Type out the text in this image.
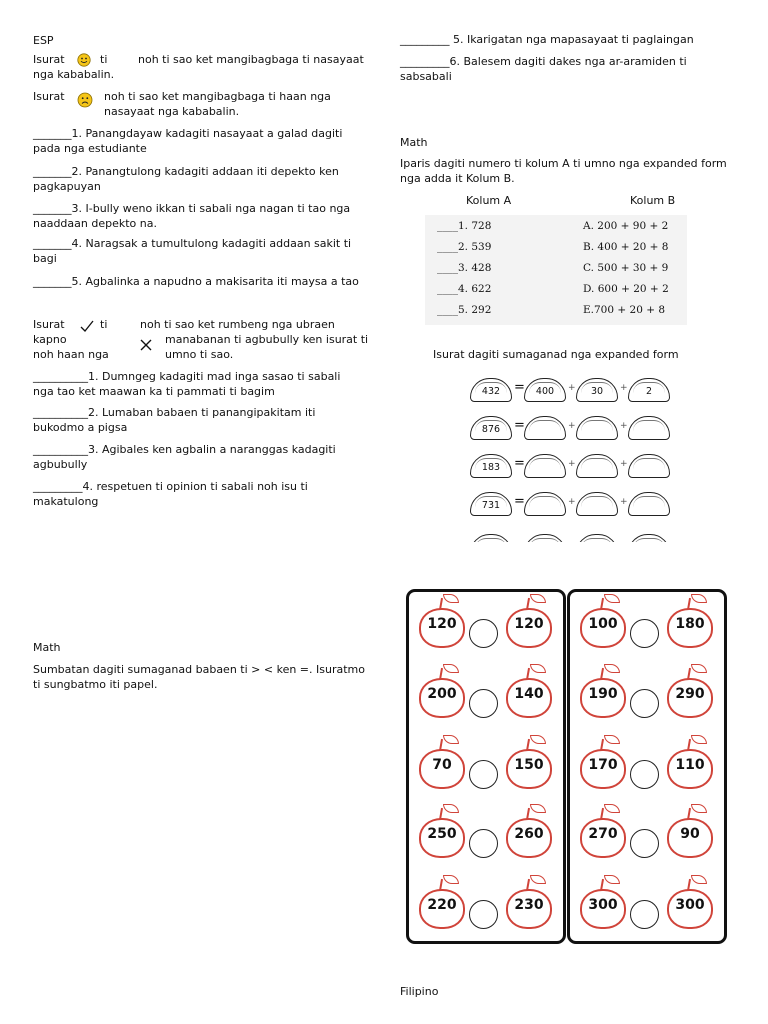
ESP
Isurat	ti	noh ti sao ket mangibagbaga ti nasayaat
nga kababalin.
Isurat	noh ti sao ket mangibagbaga ti haan nga
nasayaat nga kababalin.
_______1. Panangdayaw kadagiti nasayaat a galad dagiti
pada nga estudiante
_______2. Panangtulong kadagiti addaan iti depekto ken
pagkapuyan
_______3. I-bully weno ikkan ti sabali nga nagan ti tao nga
naaddaan depekto na.
_______4. Naragsak a tumultulong kadagiti addaan sakit ti
bagi
_______5. Agbalinka a napudno a makisarita iti maysa a tao
Isurat	ti	noh ti sao ket rumbeng nga ubraen
kapno
noh haan nga
manabanan ti agbubully ken isurat ti
umno ti sao.
__________1. Dumngeg kadagiti mad inga sasao ti sabali
nga tao ket maawan ka ti pammati ti bagim
__________2. Lumaban babaen ti panangipakitam iti
bukodmo a pigsa
__________3. Agibales ken agbalin a naranggas kadagiti
agbubully
_________4. respetuen ti opinion ti sabali noh isu ti
makatulong
Math
Sumbatan dagiti sumaganad babaen ti > < ken =. Isuratmo
ti sungbatmo iti papel.
_________ 5. Ikarigatan nga mapasayaat ti paglaingan
_________6. Balesem dagiti dakes nga ar-aramiden ti
sabsabali
Math
Iparis dagiti numero ti kolum A ti umno nga expanded form
nga adda it Kolum B.
Kolum A	Kolum B
____1. 728	A. 200 + 90 + 2
____2. 539	B. 400 + 20 + 8
____3. 428	C. 500 + 30 + 9
____4. 622	D. 600 + 20 + 2
____5. 292	E.700 + 20 + 8
Isurat dagiti sumaganad nga expanded form
432	=	400	+	30	+	2
876	=	+	+
183	=	+	+
731	=	+	+
120	120
200	140
70	150
250	260
220	230
100	180
190	290
170	110
270	90
300	300
Filipino
